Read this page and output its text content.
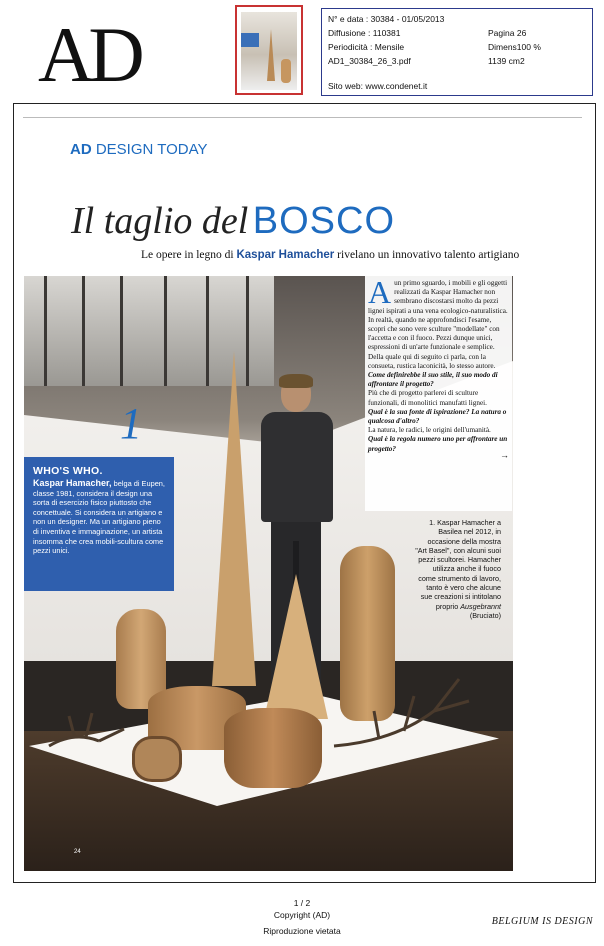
AD	N° e data : 30384 - 01/05/2013
Diffusione : 110381
Periodicità : Mensile
AD1_30384_26_3.pdf
Pagina 26
Dimens100 %
1139 cm2
Sito web: www.condenet.it
AD DESIGN TODAY
Il taglio del BOSCO
Le opere in legno di Kaspar Hamacher rivelano un innovativo talento artigiano
1
24
A un primo sguardo, i mobili e gli oggetti realizzati da Kaspar Hamacher non sembrano discostarsi molto da pezzi lignei ispirati a una vena ecologico-naturalistica. In realtà, quando ne approfondisci l'esame, scopri che sono vere sculture "modellate" con l'accetta e con il fuoco. Pezzi dunque unici, espressioni di un'arte funzionale e semplice. Della quale qui di seguito ci parla, con la consueta, rustica laconicità, lo stesso autore.
Come definirebbe il suo stile, il suo modo di affrontare il progetto?
Più che di progetto parlerei di sculture funzionali, di monolitici manufatti lignei.
Qual è la sua fonte di ispirazione? La natura o qualcosa d'altro?
La natura, le radici, le origini dell'umanità.
Qual è la regola numero uno per affrontare un progetto?
→
WHO'S WHO.
Kaspar Hamacher, belga di Eupen, classe 1981, considera il design una sorta di esercizio fisico piuttosto che concettuale. Si considera un artigiano e non un designer. Ma un artigiano pieno di inventiva e immaginazione, un artista insomma che crea mobili-scultura come pezzi unici.
1. Kaspar Hamacher a Basilea nel 2012, in occasione della mostra "Art Basel", con alcuni suoi pezzi scultorei. Hamacher utilizza anche il fuoco come strumento di lavoro, tanto è vero che alcune sue creazioni si intitolano proprio Ausgebrannt (Bruciato)
1 / 2
Copyright (AD)
Riproduzione vietata
BELGIUM IS DESIGN
